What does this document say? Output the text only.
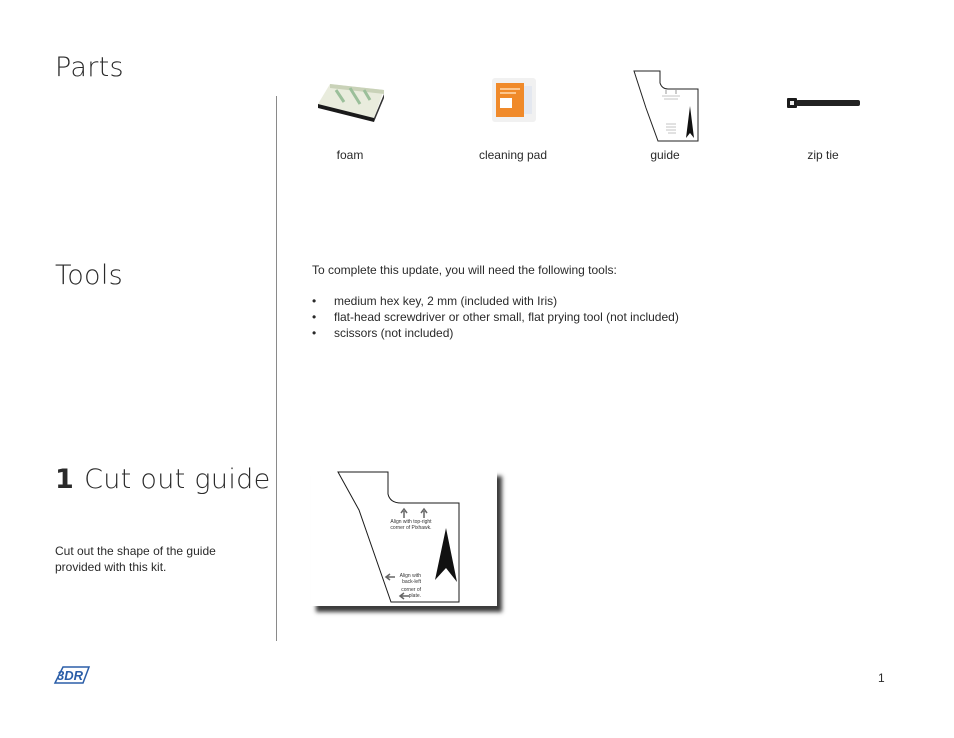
Parts
Tools
1 Cut out guide
foam	cleaning pad	guide	zip tie
To complete this update, you will need the following tools:
• medium hex key, 2 mm (included with Iris)
• flat-head screwdriver or other small, flat prying tool (not included)
• scissors (not included)
Cut out the shape of the guide
provided with this kit.
Align with top-right
corner of Pixhawk.
Align with
back-left
corner of
plate.
3DR	1
